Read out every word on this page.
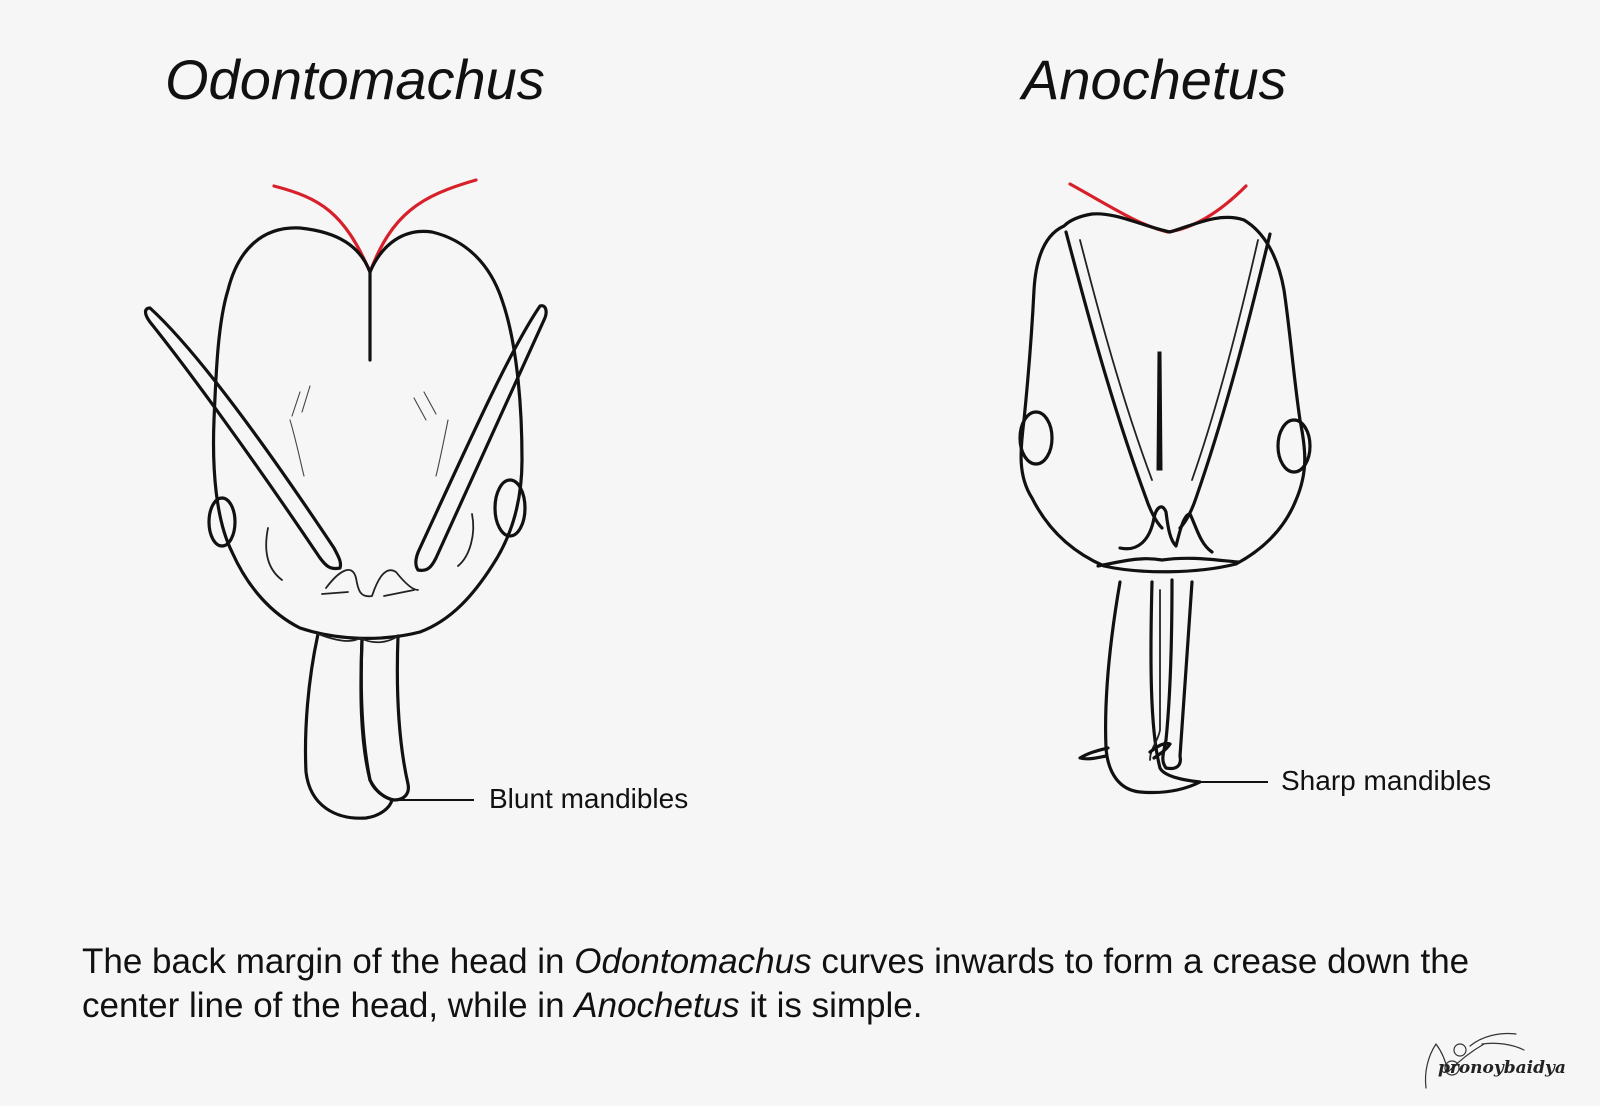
Odontomachus	Anochetus
Blunt mandibles
Sharp mandibles
The back margin of the head in Odontomachus curves inwards to form a crease down the center line of the head, while in Anochetus it is simple.
pronoybaidya
